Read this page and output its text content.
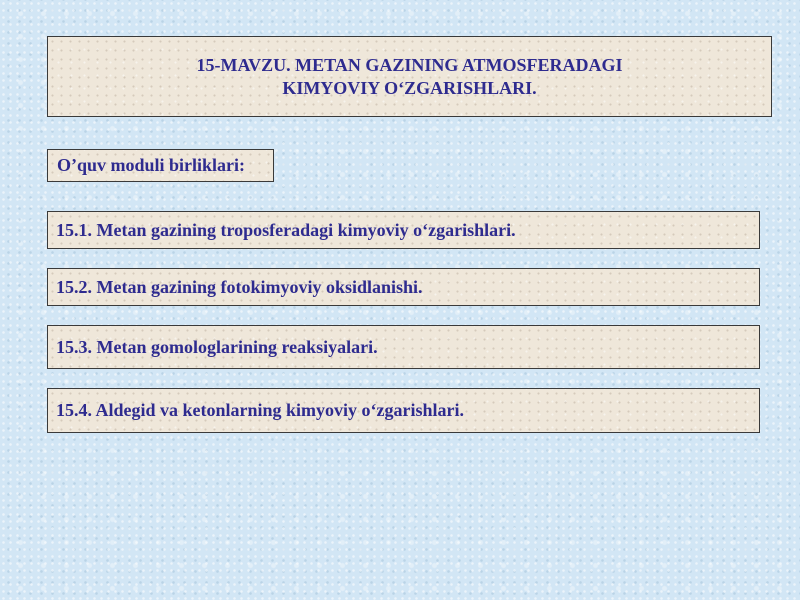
15-MAVZU. METAN GAZINING ATMOSFERADAGI
KIMYOVIY O‘ZGARISHLARI.
O’quv moduli birliklari:
15.1. Metan gazining troposferadagi kimyoviy o‘zgarishlari.
15.2. Metan gazining fotokimyoviy oksidlanishi.
15.3. Metan gomologlarining reaksiyalari.
15.4. Aldegid va ketonlarning kimyoviy o‘zgarishlari.
